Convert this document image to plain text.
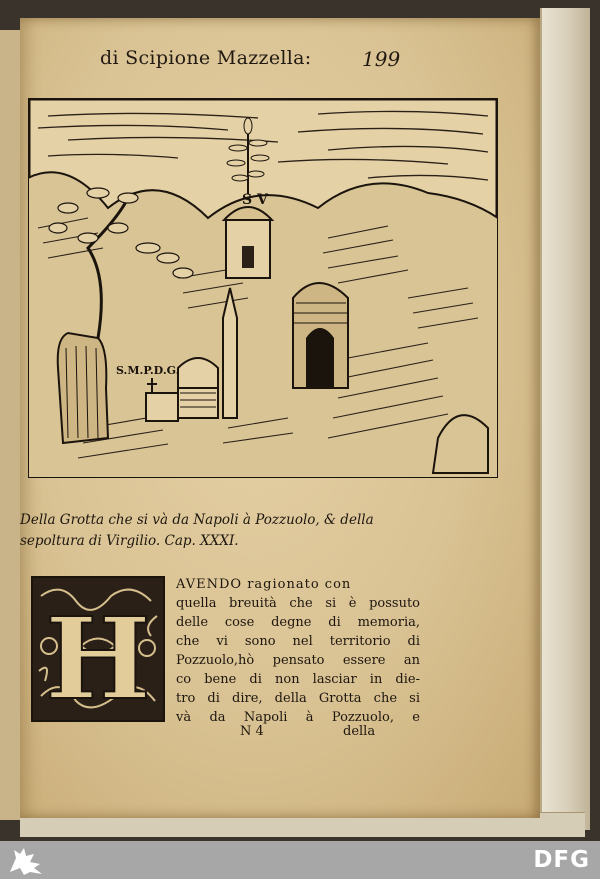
di Scipione Mazzella:	199
S V
S.M.P.D.G.
Della Grotta che si và da Napoli à Pozzuolo, & della
sepoltura di Virgilio. Cap. XXXI.
H
AVENDO ragionato con
quella breuità che si è possuto
delle cose degne di memoria,
che vi sono nel territorio di
Pozzuolo,hò pensato essere an
co bene di non lasciar in die-
tro di dire, della Grotta che si
và da Napoli à Pozzuolo, e
N 4	della
DFG
